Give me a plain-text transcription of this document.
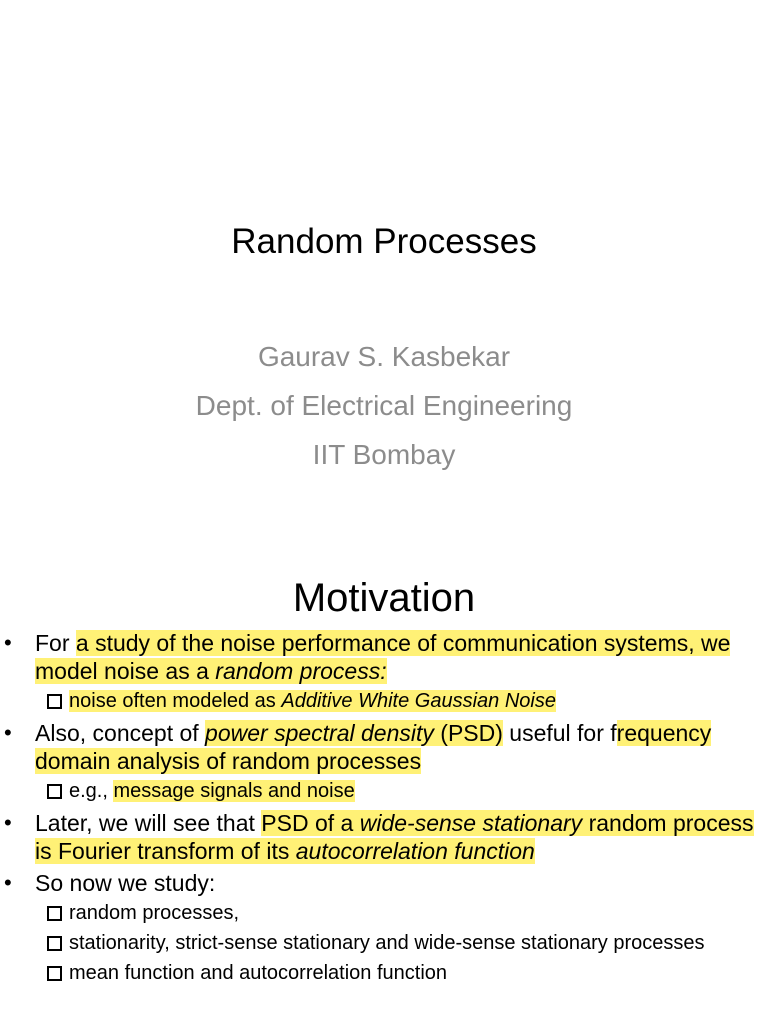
Random Processes
Gaurav S. Kasbekar
Dept. of Electrical Engineering
IIT Bombay
Motivation
• For a study of the noise performance of communication systems, we model noise as a random process:
noise often modeled as Additive White Gaussian Noise
• Also, concept of power spectral density (PSD) useful for frequency domain analysis of random processes
e.g., message signals and noise
• Later, we will see that PSD of a wide-sense stationary random process is Fourier transform of its autocorrelation function
• So now we study:
random processes,
stationarity, strict-sense stationary and wide-sense stationary processes
mean function and autocorrelation function
